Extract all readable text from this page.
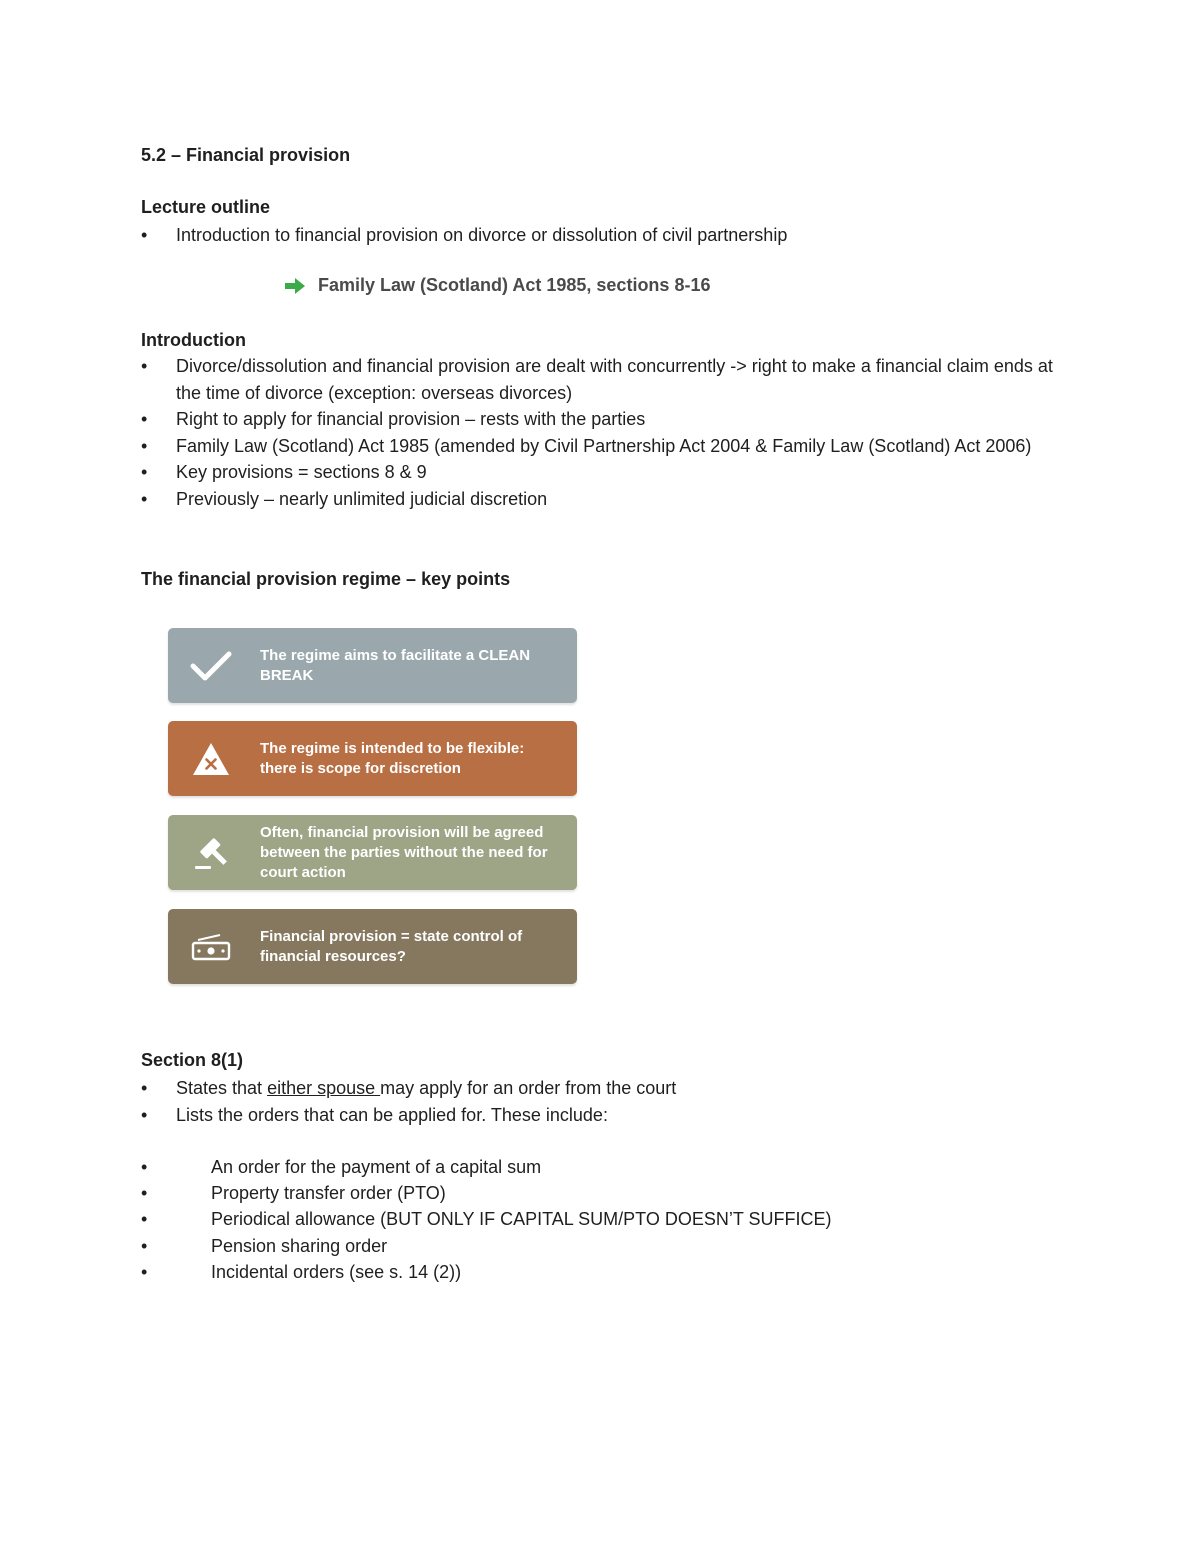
5.2 – Financial provision
Lecture outline
• Introduction to financial provision on divorce or dissolution of civil partnership
Family Law (Scotland) Act 1985, sections 8-16
Introduction
• Divorce/dissolution and financial provision are dealt with concurrently -> right to make a financial claim ends at the time of divorce (exception: overseas divorces)
• Right to apply for financial provision – rests with the parties
• Family Law (Scotland) Act 1985 (amended by Civil Partnership Act 2004 & Family Law (Scotland) Act 2006)
• Key provisions = sections 8 & 9
• Previously – nearly unlimited judicial discretion
The financial provision regime – key points
The regime aims to facilitate a CLEAN BREAK
The regime is intended to be flexible: there is scope for discretion
Often, financial provision will be agreed between the parties without the need for court action
Financial provision = state control of financial resources?
Section 8(1)
• States that either spouse may apply for an order from the court
• Lists the orders that can be applied for. These include:
•	An order for the payment of a capital sum
•	Property transfer order (PTO)
•	Periodical allowance (BUT ONLY IF CAPITAL SUM/PTO DOESN’T SUFFICE)
•	Pension sharing order
•	Incidental orders (see s. 14 (2))
